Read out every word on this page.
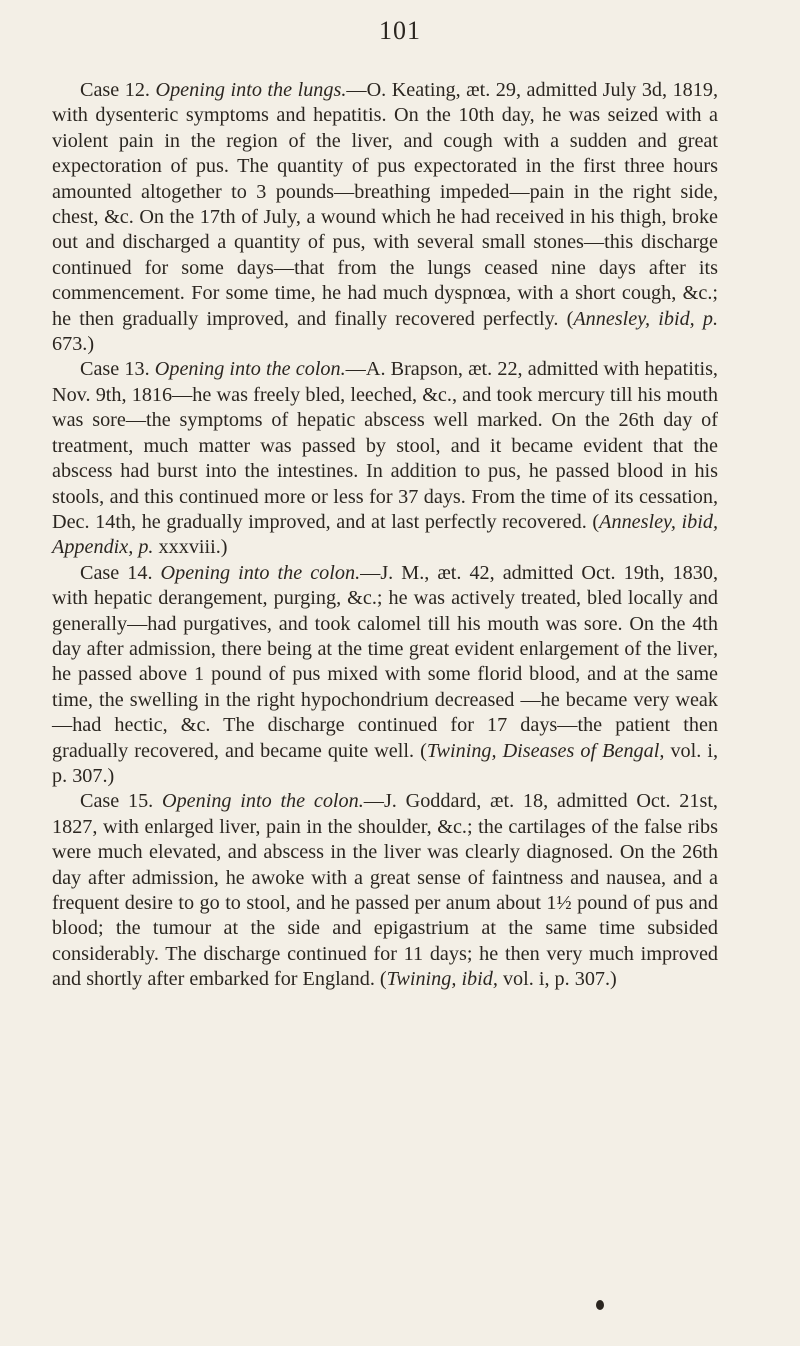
101

Case 12. Opening into the lungs.—O. Keating, æt. 29, admitted July 3d, 1819, with dysenteric symptoms and hepatitis. On the 10th day, he was seized with a violent pain in the region of the liver, and cough with a sudden and great expectoration of pus. The quantity of pus expectorated in the first three hours amounted altogether to 3 pounds—breathing impeded—pain in the right side, chest, &c. On the 17th of July, a wound which he had received in his thigh, broke out and discharged a quantity of pus, with several small stones—this discharge continued for some days—that from the lungs ceased nine days after its commencement. For some time, he had much dyspnœa, with a short cough, &c.; he then gradually improved, and finally recovered perfectly. (Annesley, ibid, p. 673.)

Case 13. Opening into the colon.—A. Brapson, æt. 22, admitted with hepatitis, Nov. 9th, 1816—he was freely bled, leeched, &c., and took mercury till his mouth was sore—the symptoms of hepatic abscess well marked. On the 26th day of treatment, much matter was passed by stool, and it became evident that the abscess had burst into the intestines. In addition to pus, he passed blood in his stools, and this continued more or less for 37 days. From the time of its cessation, Dec. 14th, he gradually improved, and at last perfectly recovered. (Annesley, ibid, Appendix, p. xxxviii.)

Case 14. Opening into the colon.—J. M., æt. 42, admitted Oct. 19th, 1830, with hepatic derangement, purging, &c.; he was actively treated, bled locally and generally—had purgatives, and took calomel till his mouth was sore. On the 4th day after admission, there being at the time great evident enlargement of the liver, he passed above 1 pound of pus mixed with some florid blood, and at the same time, the swelling in the right hypochondrium decreased —he became very weak—had hectic, &c. The discharge continued for 17 days—the patient then gradually recovered, and became quite well. (Twining, Diseases of Bengal, vol. i, p. 307.)

Case 15. Opening into the colon.—J. Goddard, æt. 18, admitted Oct. 21st, 1827, with enlarged liver, pain in the shoulder, &c.; the cartilages of the false ribs were much elevated, and abscess in the liver was clearly diagnosed. On the 26th day after admission, he awoke with a great sense of faintness and nausea, and a frequent desire to go to stool, and he passed per anum about 1½ pound of pus and blood; the tumour at the side and epigastrium at the same time subsided considerably. The discharge continued for 11 days; he then very much improved and shortly after embarked for England. (Twining, ibid, vol. i, p. 307.)
